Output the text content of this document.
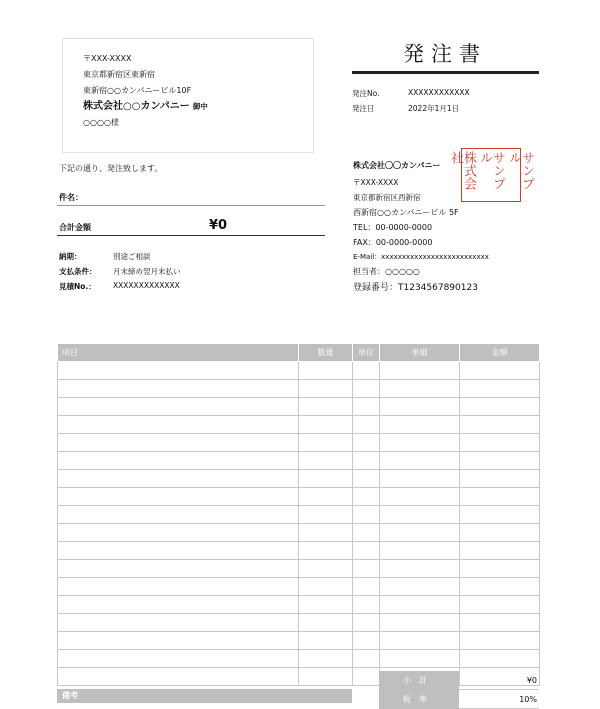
〒XXX-XXXX
東京都新宿区東新宿
東新宿○○カンパニービル10F
株式会社○○カンパニー 御中
○○○○様
発注書
発注No.	XXXXXXXXXXXX
発注日	2022年1月1日
下記の通り、発注致します。
件名：
合計金額	¥0
納期：	別途ご相談
支払条件： 月末締め翌月末払い
見積No.： XXXXXXXXXXXXX
株式会社〇〇カンパニー
〒XXX-XXXX
東京都新宿区西新宿
西新宿○○カンパニービル 5F
TEL：00-0000-0000
FAX：00-0000-0000
E-Mail：xxxxxxxxxxxxxxxxxxxxxxxxxx
担当者：○○○○○
登録番号：T1234567890123
株式会社	サンプル	サンプル
項目	数量	単位	単価	金額

小計	¥0
税率	10%
備考
